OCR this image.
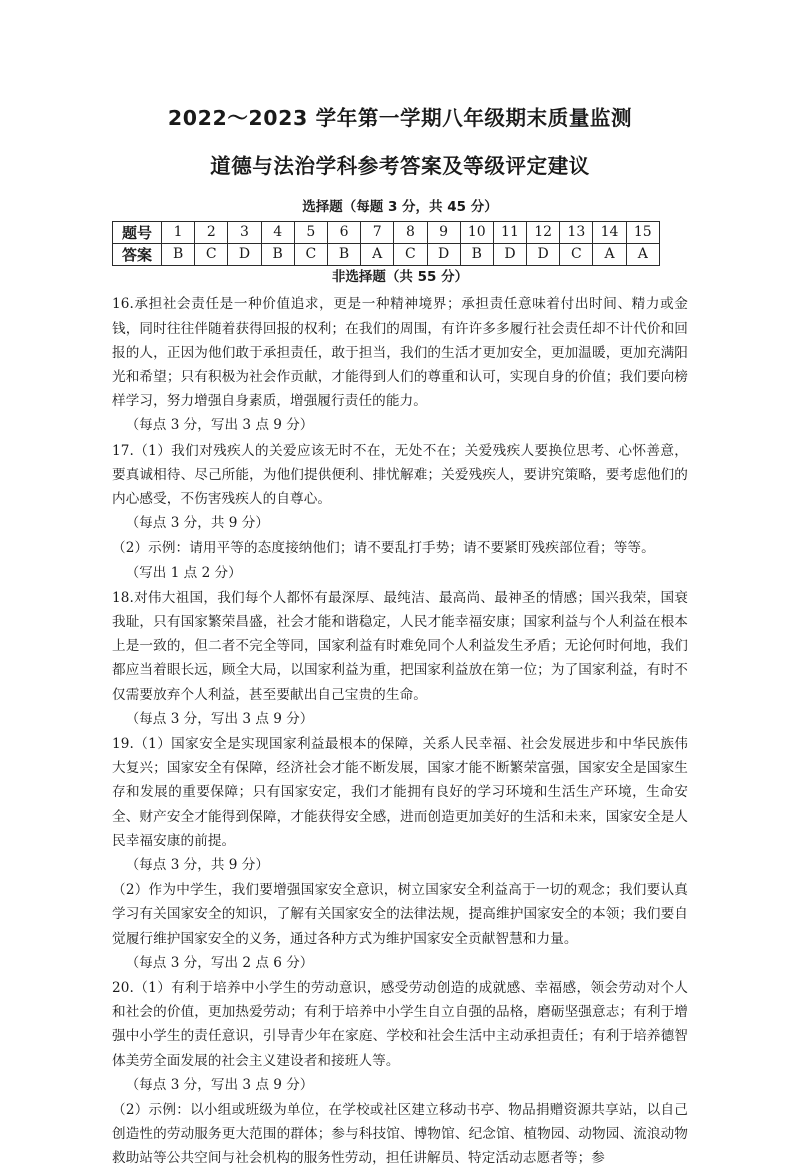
2022～2023 学年第一学期八年级期末质量监测
道德与法治学科参考答案及等级评定建议
选择题（每题 3 分，共 45 分）
题号	1	2	3	4	5	6	7	8	9	10	11	12	13	14	15
答案	B	C	D	B	C	B	A	C	D	B	D	D	C	A	A
非选择题（共 55 分）

16.承担社会责任是一种价值追求，更是一种精神境界；承担责任意味着付出时间、精力或金钱，同时往往伴随着获得回报的权利；在我们的周围，有许许多多履行社会责任却不计代价和回报的人，正因为他们敢于承担责任，敢于担当，我们的生活才更加安全，更加温暖，更加充满阳光和希望；只有积极为社会作贡献，才能得到人们的尊重和认可，实现自身的价值；我们要向榜样学习，努力增强自身素质，增强履行责任的能力。

（每点 3 分，写出 3 点 9 分）

17.（1）我们对残疾人的关爱应该无时不在，无处不在；关爱残疾人要换位思考、心怀善意，要真诚相待、尽己所能，为他们提供便利、排忧解难；关爱残疾人，要讲究策略，要考虑他们的内心感受，不伤害残疾人的自尊心。

（每点 3 分，共 9 分）

（2）示例：请用平等的态度接纳他们；请不要乱打手势；请不要紧盯残疾部位看；等等。

（写出 1 点 2 分）

18.对伟大祖国，我们每个人都怀有最深厚、最纯洁、最高尚、最神圣的情感；国兴我荣，国衰我耻，只有国家繁荣昌盛，社会才能和谐稳定，人民才能幸福安康；国家利益与个人利益在根本上是一致的，但二者不完全等同，国家利益有时难免同个人利益发生矛盾；无论何时何地，我们都应当着眼长远，顾全大局，以国家利益为重，把国家利益放在第一位；为了国家利益，有时不仅需要放弃个人利益，甚至要献出自己宝贵的生命。

（每点 3 分，写出 3 点 9 分）

19.（1）国家安全是实现国家利益最根本的保障，关系人民幸福、社会发展进步和中华民族伟大复兴；国家安全有保障，经济社会才能不断发展，国家才能不断繁荣富强，国家安全是国家生存和发展的重要保障；只有国家安定，我们才能拥有良好的学习环境和生活生产环境，生命安全、财产安全才能得到保障，才能获得安全感，进而创造更加美好的生活和未来，国家安全是人民幸福安康的前提。

（每点 3 分，共 9 分）

（2）作为中学生，我们要增强国家安全意识，树立国家安全利益高于一切的观念；我们要认真学习有关国家安全的知识，了解有关国家安全的法律法规，提高维护国家安全的本领；我们要自觉履行维护国家安全的义务，通过各种方式为维护国家安全贡献智慧和力量。

（每点 3 分，写出 2 点 6 分）

20.（1）有利于培养中小学生的劳动意识，感受劳动创造的成就感、幸福感，领会劳动对个人和社会的价值，更加热爱劳动；有利于培养中小学生自立自强的品格，磨砺坚强意志；有利于增强中小学生的责任意识，引导青少年在家庭、学校和社会生活中主动承担责任；有利于培养德智体美劳全面发展的社会主义建设者和接班人等。

（每点 3 分，写出 3 点 9 分）

（2）示例：以小组或班级为单位，在学校或社区建立移动书亭、物品捐赠资源共享站，以自己创造性的劳动服务更大范围的群体；参与科技馆、博物馆、纪念馆、植物园、动物园、流浪动物救助站等公共空间与社会机构的服务性劳动，担任讲解员、特定活动志愿者等；参
